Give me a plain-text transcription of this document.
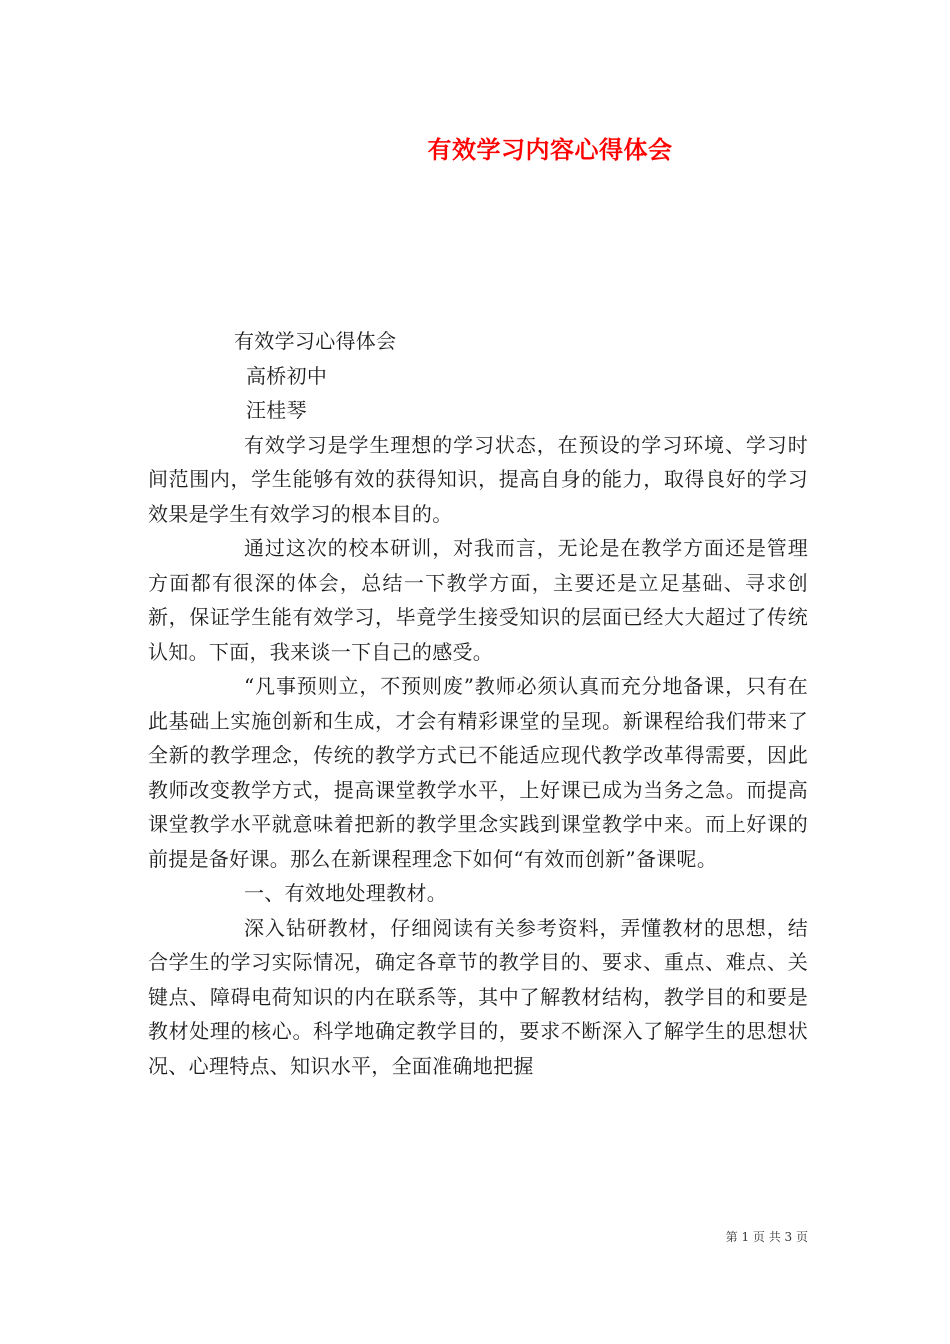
有效学习内容心得体会

有效学习心得体会

高桥初中

汪桂琴

有效学习是学生理想的学习状态，在预设的学习环境、学习时间范围内，学生能够有效的获得知识，提高自身的能力，取得良好的学习效果是学生有效学习的根本目的。

通过这次的校本研训，对我而言，无论是在教学方面还是管理方面都有很深的体会，总结一下教学方面，主要还是立足基础、寻求创新，保证学生能有效学习，毕竟学生接受知识的层面已经大大超过了传统认知。下面，我来谈一下自己的感受。

“凡事预则立，不预则废”教师必须认真而充分地备课，只有在此基础上实施创新和生成，才会有精彩课堂的呈现。新课程给我们带来了全新的教学理念，传统的教学方式已不能适应现代教学改革得需要，因此教师改变教学方式，提高课堂教学水平，上好课已成为当务之急。而提高课堂教学水平就意味着把新的教学里念实践到课堂教学中来。而上好课的前提是备好课。那么在新课程理念下如何“有效而创新”备课呢。

一、有效地处理教材。

深入钻研教材，仔细阅读有关参考资料，弄懂教材的思想，结合学生的学习实际情况，确定各章节的教学目的、要求、重点、难点、关键点、障碍电荷知识的内在联系等，其中了解教材结构，教学目的和要是教材处理的核心。科学地确定教学目的，要求不断深入了解学生的思想状况、心理特点、知识水平，全面准确地把握

第 1 页 共 3 页
